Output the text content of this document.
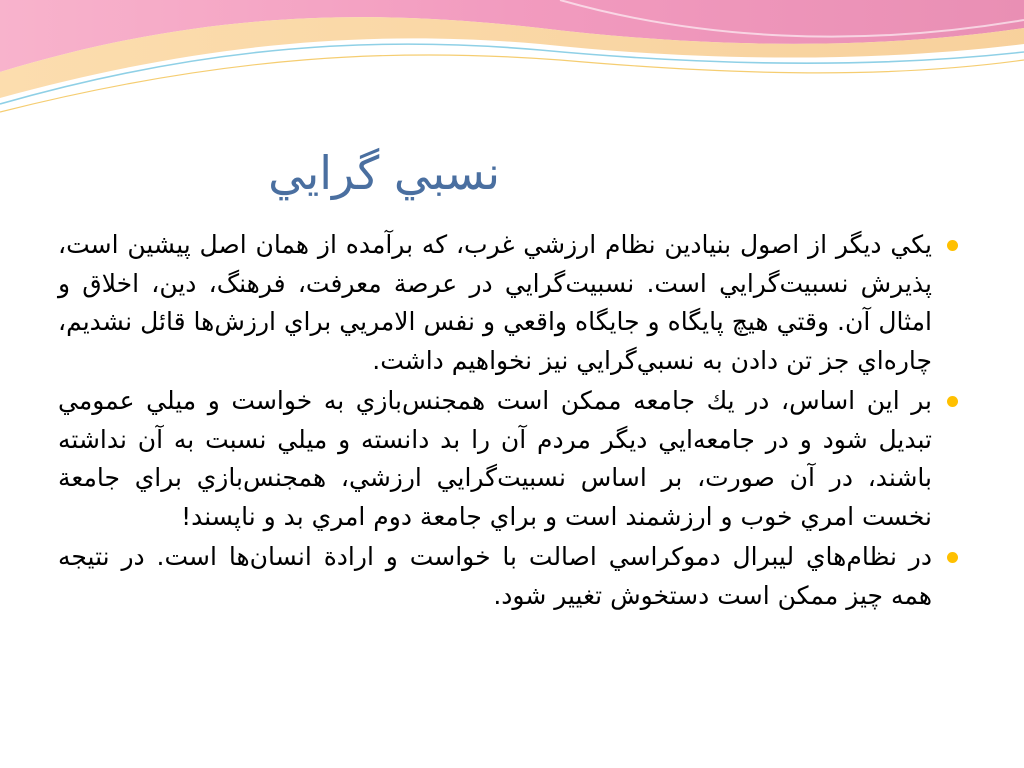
نسبي گرايي
يكي ديگر از اصول بنيادين نظام ارزشي غرب، كه برآمده از همان اصل پيشين است، پذيرش نسبيت‌گرايي است. نسبيت‌گرايي در عرصة معرفت، فرهنگ، دين، اخلاق و امثال آن. وقتي هيچ پايگاه و جايگاه واقعي و نفس الامريي براي ارزش‌ها قائل نشديم، چاره‌اي جز تن دادن به نسبي‌گرايي نيز نخواهيم داشت.
بر اين اساس، در يك جامعه ممكن است همجنس‌بازي به خواست و ميلي عمومي تبديل شود و در جامعه‌ايي ديگر مردم آن را بد دانسته و ميلي نسبت به آن نداشته باشند، در آن صورت، بر اساس نسبيت‌گرايي ارزشي، همجنس‌بازي براي جامعة نخست امري خوب و ارزشمند است و براي جامعة دوم امري بد و ناپسند!
در نظام‌هاي ليبرال دموكراسي اصالت با خواست و ارادة انسان‌ها است. در نتيجه همه چيز ممكن است دستخوش تغيير شود.
